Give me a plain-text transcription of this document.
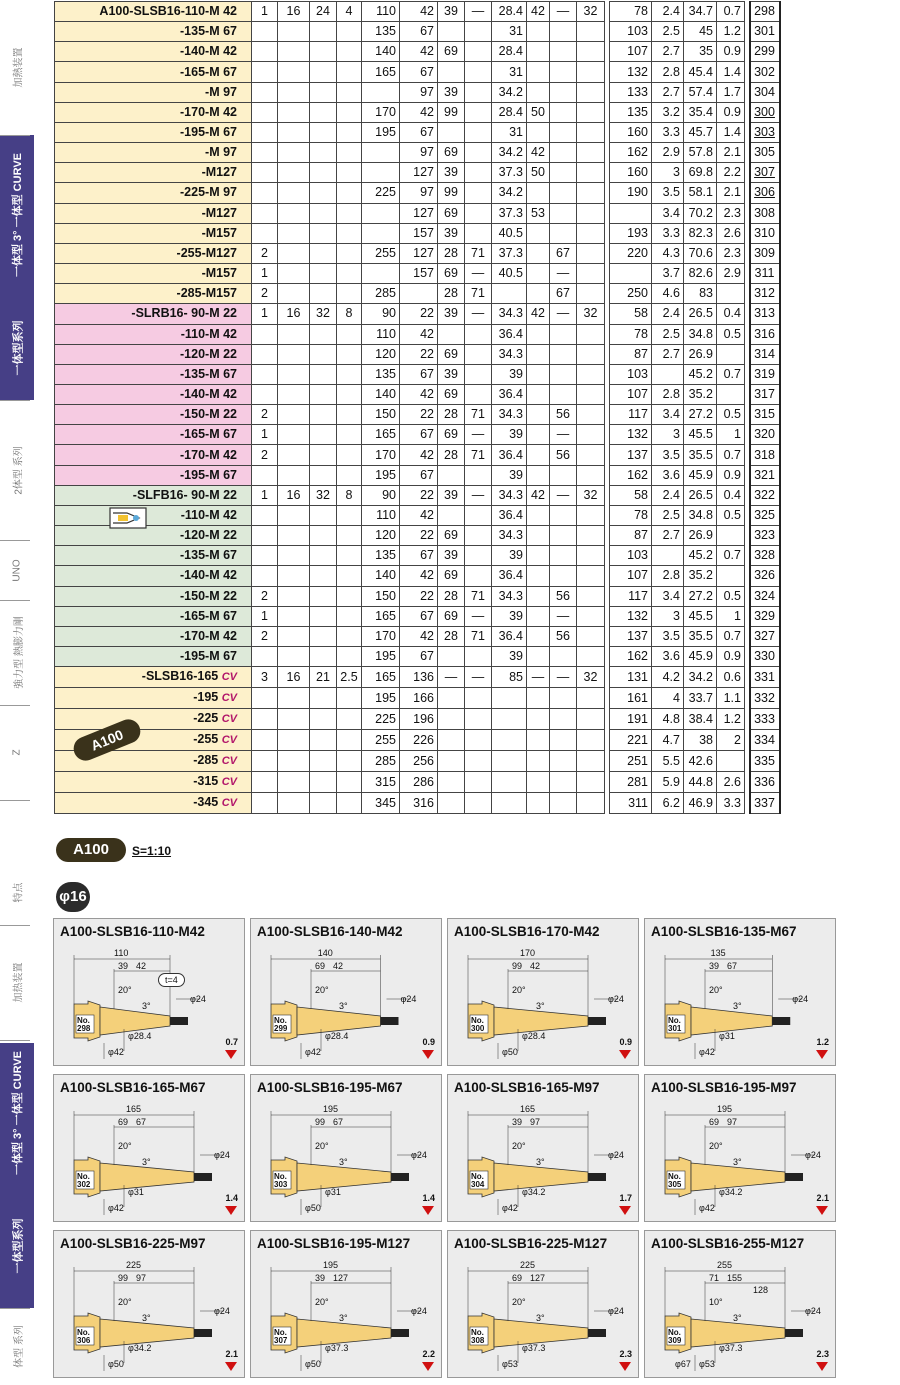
加熱装置
一体型 3° 一体型 CURVE
一体型系列
2体型 系列
UNO
強力型 熱膨力剛
Z
特点
加热装置
一体型 3° 一体型 CURVE
一体型系列
体型 系列
A100-SLSB16-110-M 42	1	16	24	4	110	42	39	—	28.4	42	—	32		78	2.4	34.7	0.7		298
-135-M 67					135	67			31					103	2.5	45	1.2		301
-140-M 42					140	42	69		28.4					107	2.7	35	0.9		299
-165-M 67					165	67			31					132	2.8	45.4	1.4		302
-M 97						97	39		34.2					133	2.7	57.4	1.7		304
-170-M 42					170	42	99		28.4	50				135	3.2	35.4	0.9		300
-195-M 67					195	67			31					160	3.3	45.7	1.4		303
-M 97						97	69		34.2	42				162	2.9	57.8	2.1		305
-M127						127	39		37.3	50				160	3	69.8	2.2		307
-225-M 97					225	97	99		34.2					190	3.5	58.1	2.1		306
-M127						127	69		37.3	53					3.4	70.2	2.3		308
-M157						157	39		40.5					193	3.3	82.3	2.6		310
-255-M127	2				255	127	28	71	37.3		67			220	4.3	70.6	2.3		309
-M157	1					157	69	—	40.5		—				3.7	82.6	2.9		311
-285-M157	2				285		28	71			67			250	4.6	83			312
-SLRB16- 90-M 22	1	16	32	8	90	22	39	—	34.3	42	—	32		58	2.4	26.5	0.4		313
-110-M 42					110	42			36.4					78	2.5	34.8	0.5		316
-120-M 22					120	22	69		34.3					87	2.7	26.9			314
-135-M 67					135	67	39		39					103		45.2	0.7		319
-140-M 42					140	42	69		36.4					107	2.8	35.2			317
-150-M 22	2				150	22	28	71	34.3		56			117	3.4	27.2	0.5		315
-165-M 67	1				165	67	69	—	39		—			132	3	45.5	1		320
-170-M 42	2				170	42	28	71	36.4		56			137	3.5	35.5	0.7		318
-195-M 67					195	67			39					162	3.6	45.9	0.9		321
-SLFB16- 90-M 22	1	16	32	8	90	22	39	—	34.3	42	—	32		58	2.4	26.5	0.4		322
-110-M 42					110	42			36.4					78	2.5	34.8	0.5		325
-120-M 22					120	22	69		34.3					87	2.7	26.9			323
-135-M 67					135	67	39		39					103		45.2	0.7		328
-140-M 42					140	42	69		36.4					107	2.8	35.2			326
-150-M 22	2				150	22	28	71	34.3		56			117	3.4	27.2	0.5		324
-165-M 67	1				165	67	69	—	39		—			132	3	45.5	1		329
-170-M 42	2				170	42	28	71	36.4		56			137	3.5	35.5	0.7		327
-195-M 67					195	67			39					162	3.6	45.9	0.9		330
-SLSB16-165 CV	3	16	21	2.5	165	136	—	—	85	—	—	32		131	4.2	34.2	0.6		331
-195 CV					195	166								161	4	33.7	1.1		332
-225 CV					225	196								191	4.8	38.4	1.2		333
-255 CV					255	226								221	4.7	38	2		334
-285 CV					285	256								251	5.5	42.6			335
-315 CV					315	286								281	5.9	44.8	2.6		336
-345 CV					345	316								311	6.2	46.9	3.3		337
A100
A100	S=1:10
φ16
A100-SLSB16-110-M42
110
39 42
20°
3°
φ24
φ28.4
φ42
No.
298
t=4
0.7
A100-SLSB16-140-M42
140
69 42
20°
3°
φ24
φ28.4
φ42
No.
299
0.9
A100-SLSB16-170-M42
170
99 42
20°
3°
φ24
φ28.4
φ50
No.
300
0.9
A100-SLSB16-135-M67
135
39 67
20°
3°
φ24
φ31
φ42
No.
301
1.2
A100-SLSB16-165-M67
165
69 67
20°
3°
φ24
φ31
φ42
No.
302
1.4
A100-SLSB16-195-M67
195
99 67
20°
3°
φ24
φ31
φ50
No.
303
1.4
A100-SLSB16-165-M97
165
39 97
20°
3°
φ24
φ34.2
φ42
No.
304
1.7
A100-SLSB16-195-M97
195
69 97
20°
3°
φ24
φ34.2
φ42
No.
305
2.1
A100-SLSB16-225-M97
225
99 97
20°
3°
φ24
φ34.2
φ50
No.
306
2.1
A100-SLSB16-195-M127
195
39 127
20°
3°
φ24
φ37.3
φ50
No.
307
2.2
A100-SLSB16-225-M127
225
69 127
20°
3°
φ24
φ37.3
φ53
No.
308
2.3
A100-SLSB16-255-M127
255
71 155
128
10°
3°
φ24
φ37.3
φ53
φ67
No.
309
2.3
